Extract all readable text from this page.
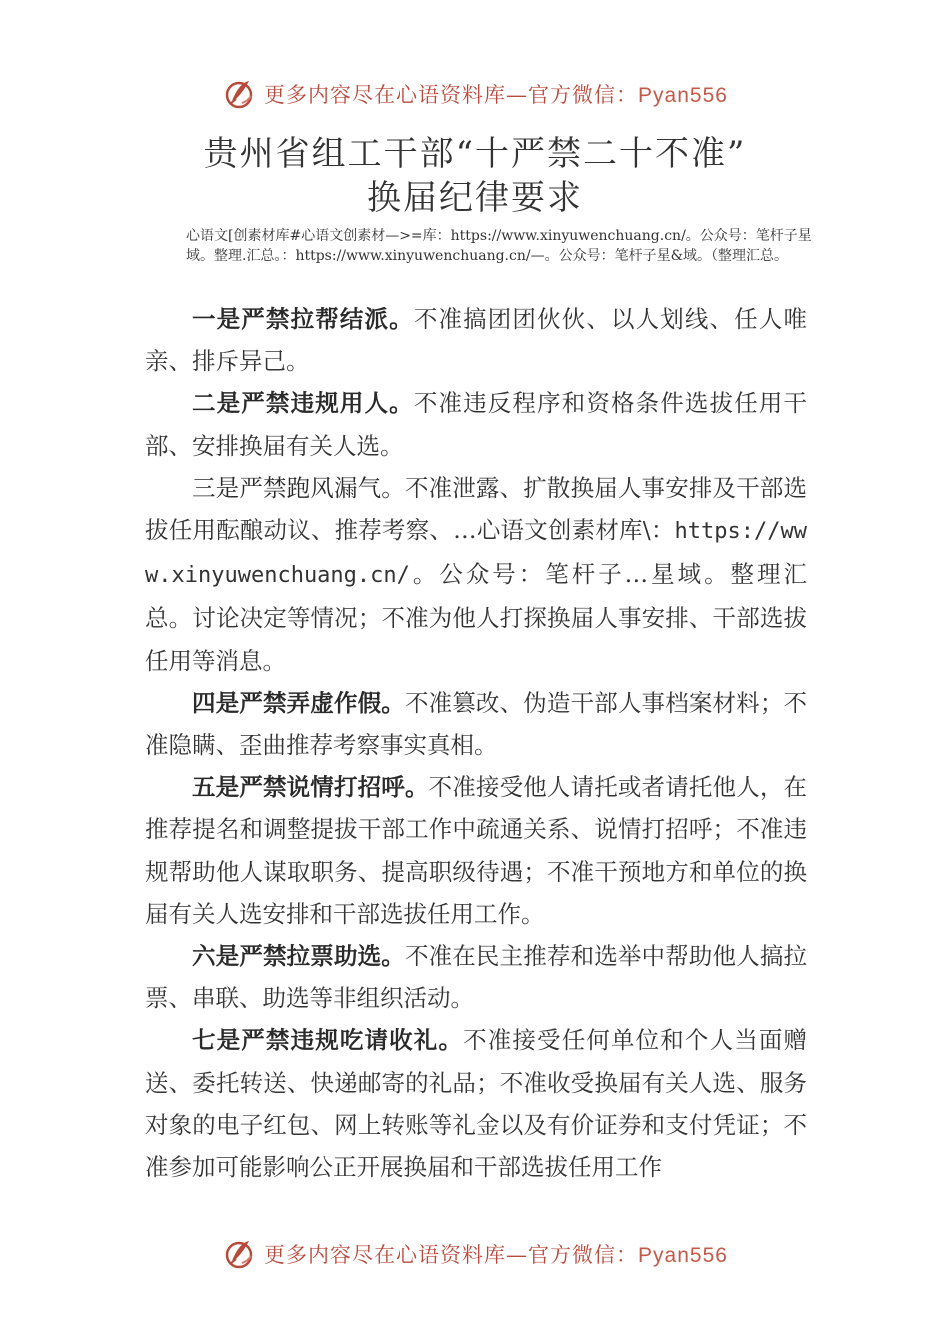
更多内容尽在心语资料库—官方微信：Pyan556
贵州省组工干部“十严禁二十不准”
换届纪律要求
心语文[创素材库#心语文创素材—>=库：https://www.xinyuwenchuang.cn/。公众号：笔杆子星域。整理.汇总。：https://www.xinyuwenchuang.cn/—。公众号：笔杆子星&域。（整理汇总。

一是严禁拉帮结派。不准搞团团伙伙、以人划线、任人唯亲、排斥异己。

二是严禁违规用人。不准违反程序和资格条件选拔任用干部、安排换届有关人选。

三是严禁跑风漏气。不准泄露、扩散换届人事安排及干部选拔任用酝酿动议、推荐考察、…心语文创素材库\：https://www.xinyuwenchuang.cn/。公众号：笔杆子…星域。整理汇总。讨论决定等情况；不准为他人打探换届人事安排、干部选拔任用等消息。

四是严禁弄虚作假。不准篡改、伪造干部人事档案材料；不准隐瞒、歪曲推荐考察事实真相。

五是严禁说情打招呼。不准接受他人请托或者请托他人，在推荐提名和调整提拔干部工作中疏通关系、说情打招呼；不准违规帮助他人谋取职务、提高职级待遇；不准干预地方和单位的换届有关人选安排和干部选拔任用工作。

六是严禁拉票助选。不准在民主推荐和选举中帮助他人搞拉票、串联、助选等非组织活动。

七是严禁违规吃请收礼。不准接受任何单位和个人当面赠送、委托转送、快递邮寄的礼品；不准收受换届有关人选、服务对象的电子红包、网上转账等礼金以及有价证券和支付凭证；不准参加可能影响公正开展换届和干部选拔任用工作

更多内容尽在心语资料库—官方微信：Pyan556
